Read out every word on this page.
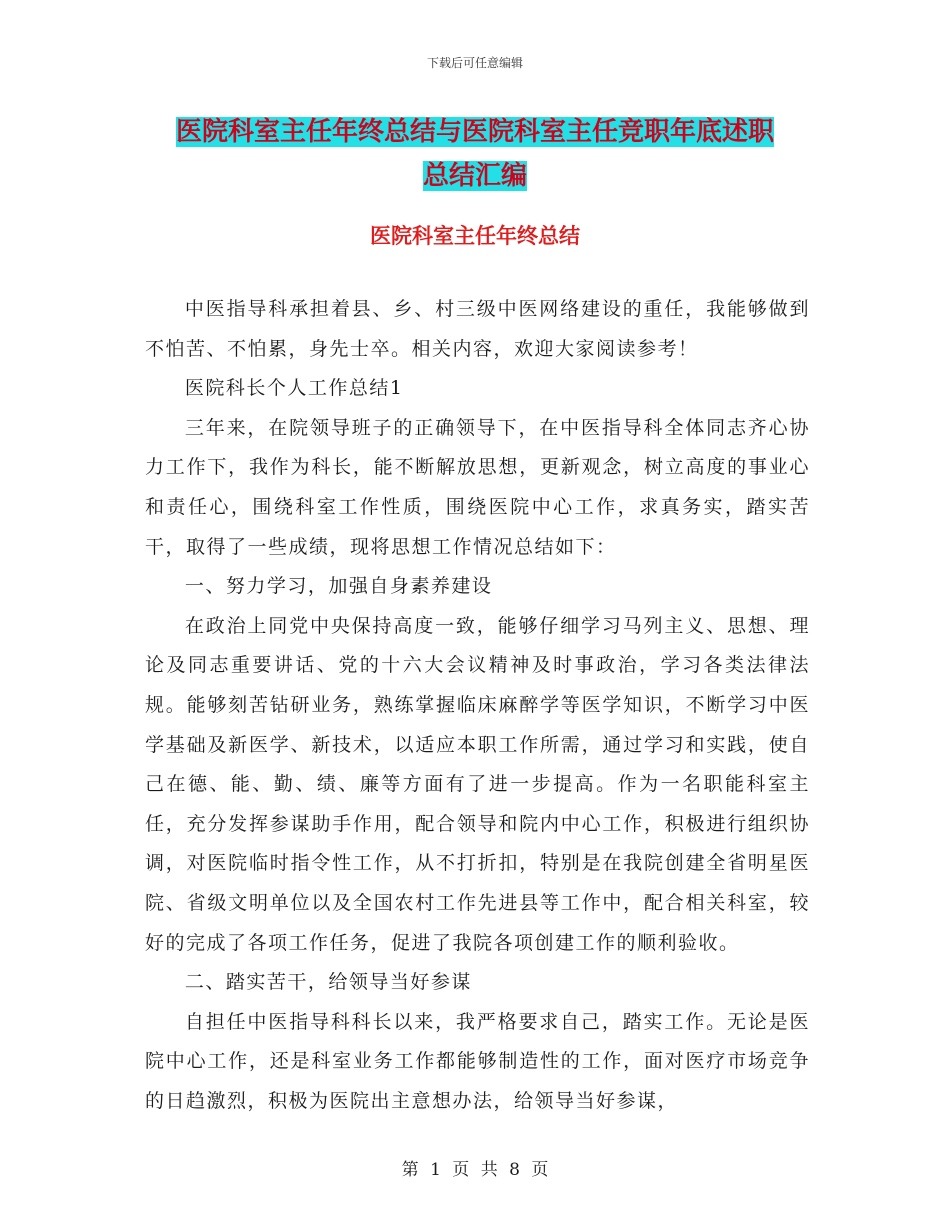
下载后可任意编辑
医院科室主任年终总结与医院科室主任竞职年底述职
总结汇编
医院科室主任年终总结

中医指导科承担着县、乡、村三级中医网络建设的重任，我能够做到不怕苦、不怕累，身先士卒。相关内容，欢迎大家阅读参考！

医院科长个人工作总结1

三年来，在院领导班子的正确领导下，在中医指导科全体同志齐心协力工作下，我作为科长，能不断解放思想，更新观念，树立高度的事业心和责任心，围绕科室工作性质，围绕医院中心工作，求真务实，踏实苦干，取得了一些成绩，现将思想工作情况总结如下：

一、努力学习，加强自身素养建设

在政治上同党中央保持高度一致，能够仔细学习马列主义、思想、理论及同志重要讲话、党的十六大会议精神及时事政治，学习各类法律法规。能够刻苦钻研业务，熟练掌握临床麻醉学等医学知识，不断学习中医学基础及新医学、新技术，以适应本职工作所需，通过学习和实践，使自己在德、能、勤、绩、廉等方面有了进一步提高。作为一名职能科室主任，充分发挥参谋助手作用，配合领导和院内中心工作，积极进行组织协调，对医院临时指令性工作，从不打折扣，特别是在我院创建全省明星医院、省级文明单位以及全国农村工作先进县等工作中，配合相关科室，较好的完成了各项工作任务，促进了我院各项创建工作的顺利验收。

二、踏实苦干，给领导当好参谋

自担任中医指导科科长以来，我严格要求自己，踏实工作。无论是医院中心工作，还是科室业务工作都能够制造性的工作，面对医疗市场竞争的日趋激烈，积极为医院出主意想办法，给领导当好参谋，

第 1 页 共 8 页
